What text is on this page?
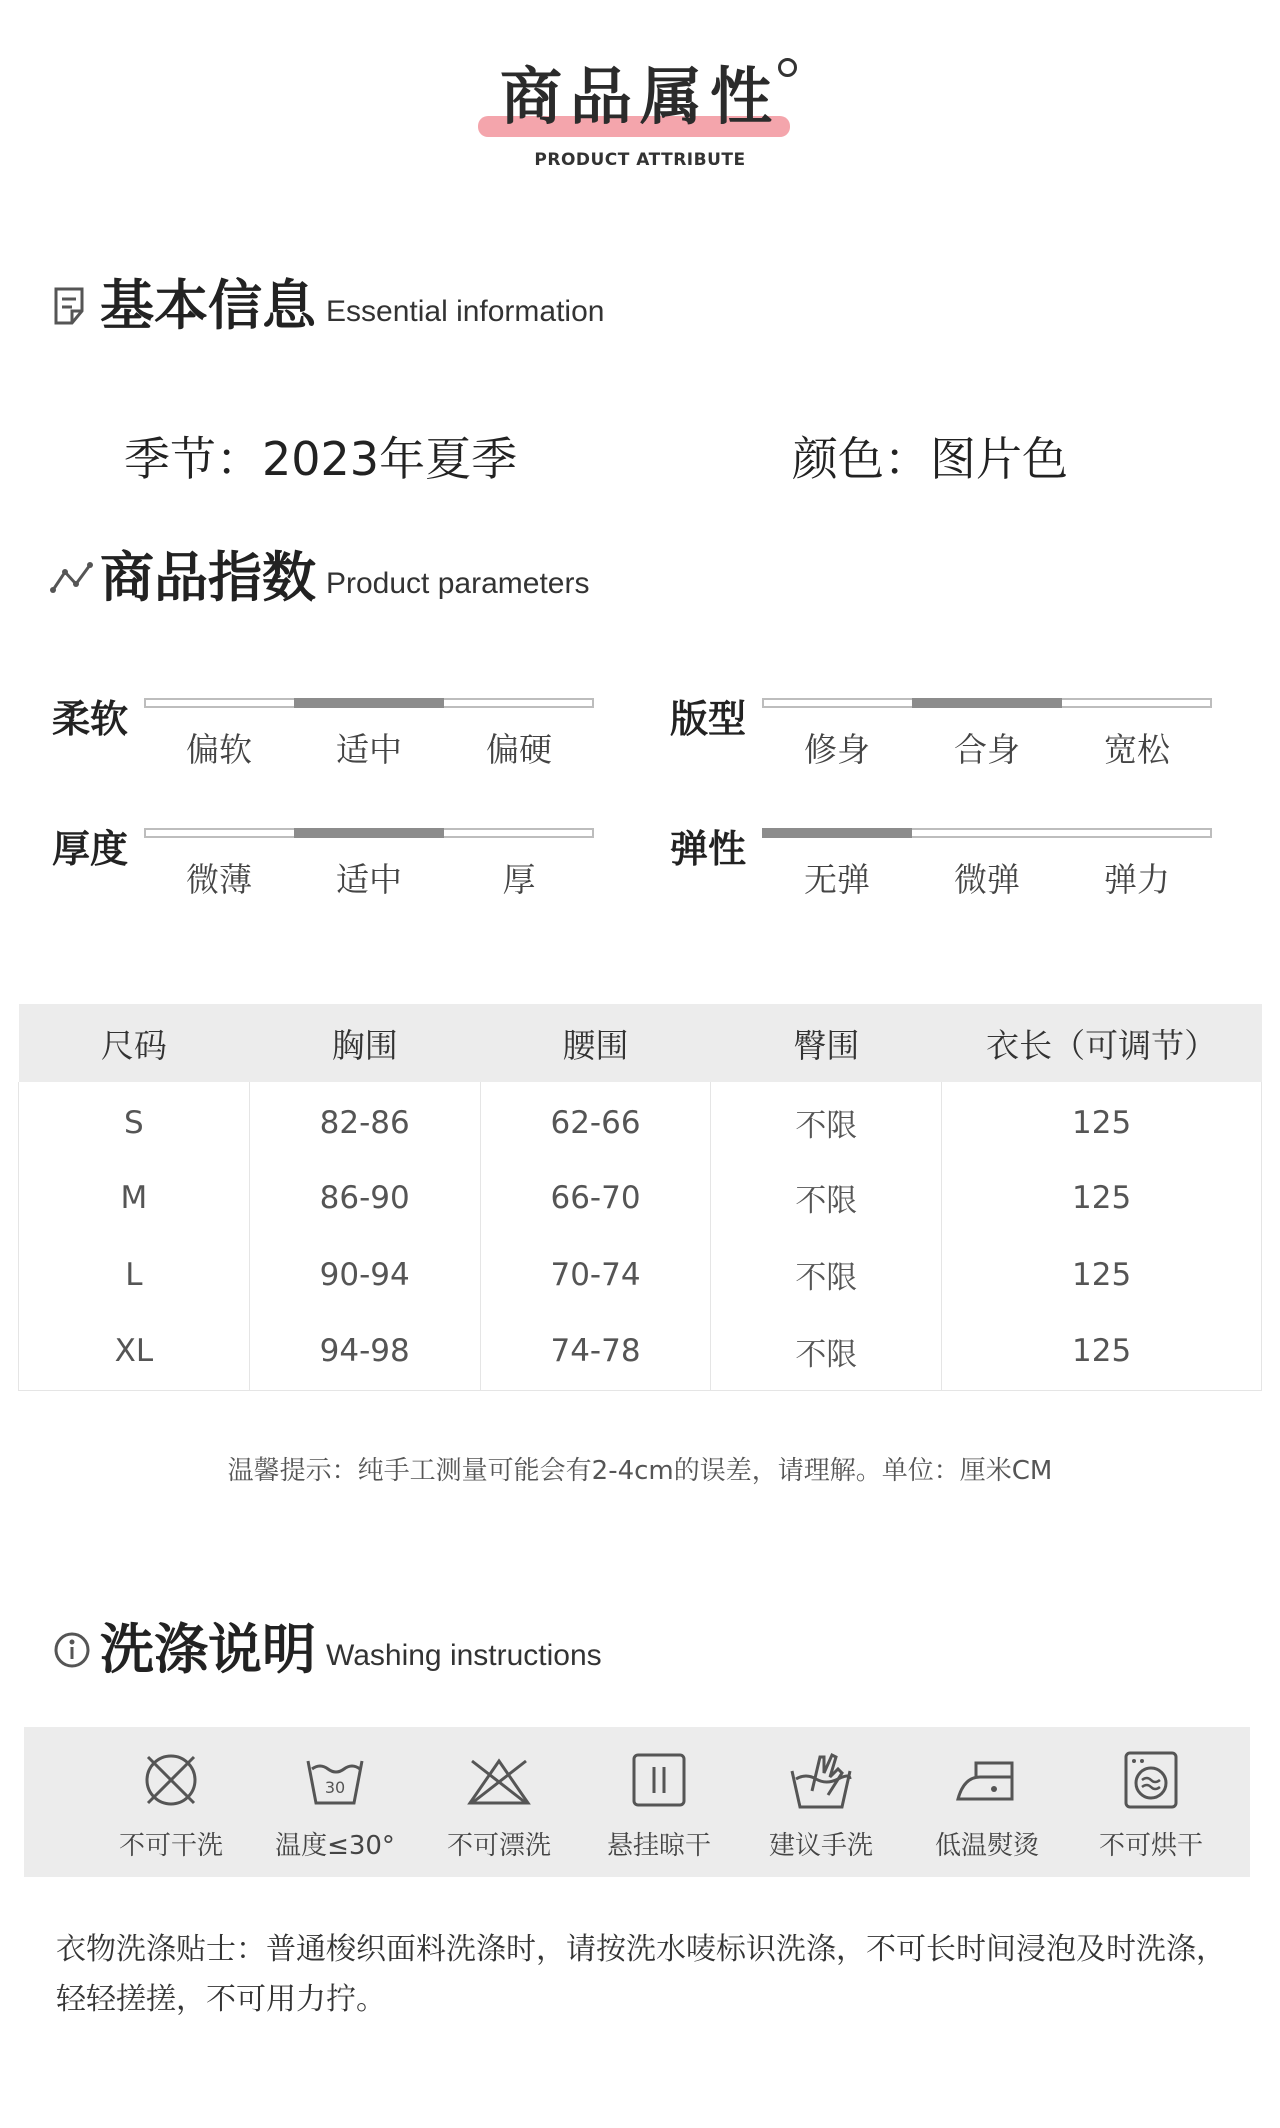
商品属性
PRODUCT ATTRIBUTE
基本信息 Essential information
季节：2023年夏季	颜色：图片色
商品指数 Product parameters
柔软
偏软	适中	偏硬
版型
修身	合身	宽松
厚度
微薄	适中	厚
弹性
无弹	微弹	弹力
尺码	胸围	腰围	臀围	衣长（可调节）
S	82-86	62-66	不限	125
M	86-90	66-70	不限	125
L	90-94	70-74	不限	125
XL	94-98	74-78	不限	125
温馨提示：纯手工测量可能会有2-4cm的误差，请理解。单位：厘米CM
洗涤说明 Washing instructions
不可干洗
30
温度≤30°	不可漂洗	悬挂晾干	建议手洗	低温熨烫	不可烘干
衣物洗涤贴士：普通梭织面料洗涤时，请按洗水唛标识洗涤，不可长时间浸泡及时洗涤，轻轻搓搓，不可用力拧。
